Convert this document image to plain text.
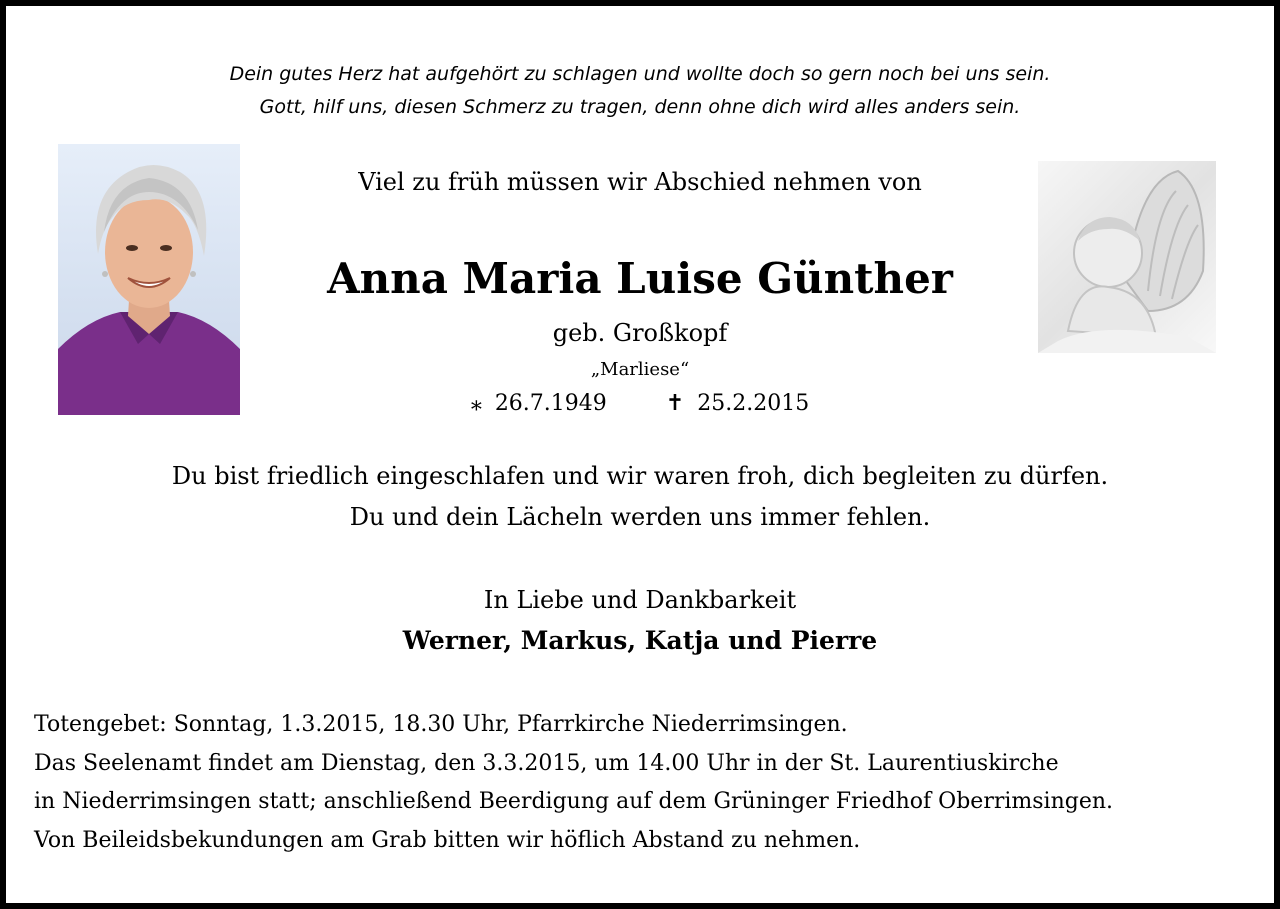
Dein gutes Herz hat aufgehört zu schlagen und wollte doch so gern noch bei uns sein.
Gott, hilf uns, diesen Schmerz zu tragen, denn ohne dich wird alles anders sein.
Viel zu früh müssen wir Abschied nehmen von
Anna Maria Luise Günther
geb. Großkopf
„Marliese“
⁎ 26.7.1949	✝ 25.2.2015
Du bist friedlich eingeschlafen und wir waren froh, dich begleiten zu dürfen.
Du und dein Lächeln werden uns immer fehlen.
In Liebe und Dankbarkeit
Werner, Markus, Katja und Pierre
Totengebet: Sonntag, 1.3.2015, 18.30 Uhr, Pfarrkirche Niederrimsingen.
Das Seelenamt findet am Dienstag, den 3.3.2015, um 14.00 Uhr in der St. Laurentiuskirche
in Niederrimsingen statt; anschließend Beerdigung auf dem Grüninger Friedhof Oberrimsingen.
Von Beileidsbekundungen am Grab bitten wir höflich Abstand zu nehmen.
